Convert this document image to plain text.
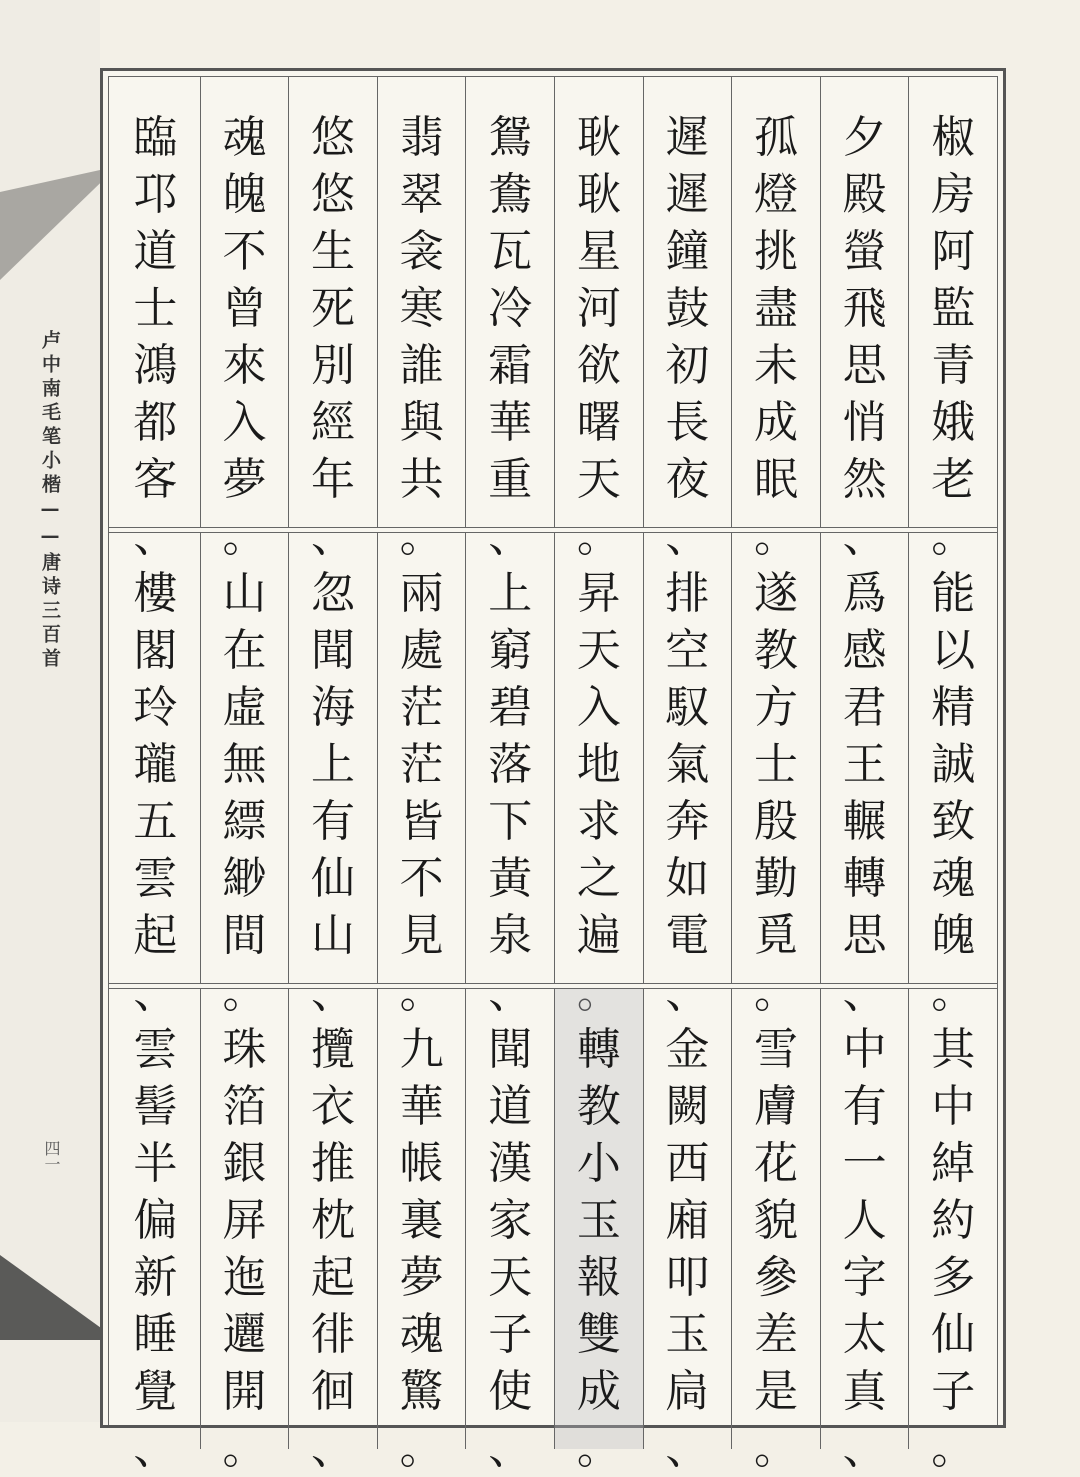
卢中南毛笔小楷——唐诗三百首
四一
椒
房
阿
監
青
娥
老
。
夕
殿
螢
飛
思
悄
然
、
孤
燈
挑
盡
未
成
眠
。
遲
遲
鐘
鼓
初
長
夜
、
耿
耿
星
河
欲
曙
天
。
鴛
鴦
瓦
冷
霜
華
重
、
翡
翠
衾
寒
誰
與
共
。
悠
悠
生
死
別
經
年
、
魂
魄
不
曾
來
入
夢
。
臨
邛
道
士
鴻
都
客
、
能
以
精
誠
致
魂
魄
。
爲
感
君
王
輾
轉
思
、
遂
教
方
士
殷
勤
覓
。
排
空
馭
氣
奔
如
電
、
昇
天
入
地
求
之
遍
。
上
窮
碧
落
下
黃
泉
、
兩
處
茫
茫
皆
不
見
。
忽
聞
海
上
有
仙
山
、
山
在
虛
無
縹
緲
間
。
樓
閣
玲
瓏
五
雲
起
、
其
中
綽
約
多
仙
子
。
中
有
一
人
字
太
真
、
雪
膚
花
貌
參
差
是
。
金
闕
西
廂
叩
玉
扃
、
轉
教
小
玉
報
雙
成
。
聞
道
漢
家
天
子
使
、
九
華
帳
裏
夢
魂
驚
。
攬
衣
推
枕
起
徘
徊
、
珠
箔
銀
屏
迤
邐
開
。
雲
髻
半
偏
新
睡
覺
、
